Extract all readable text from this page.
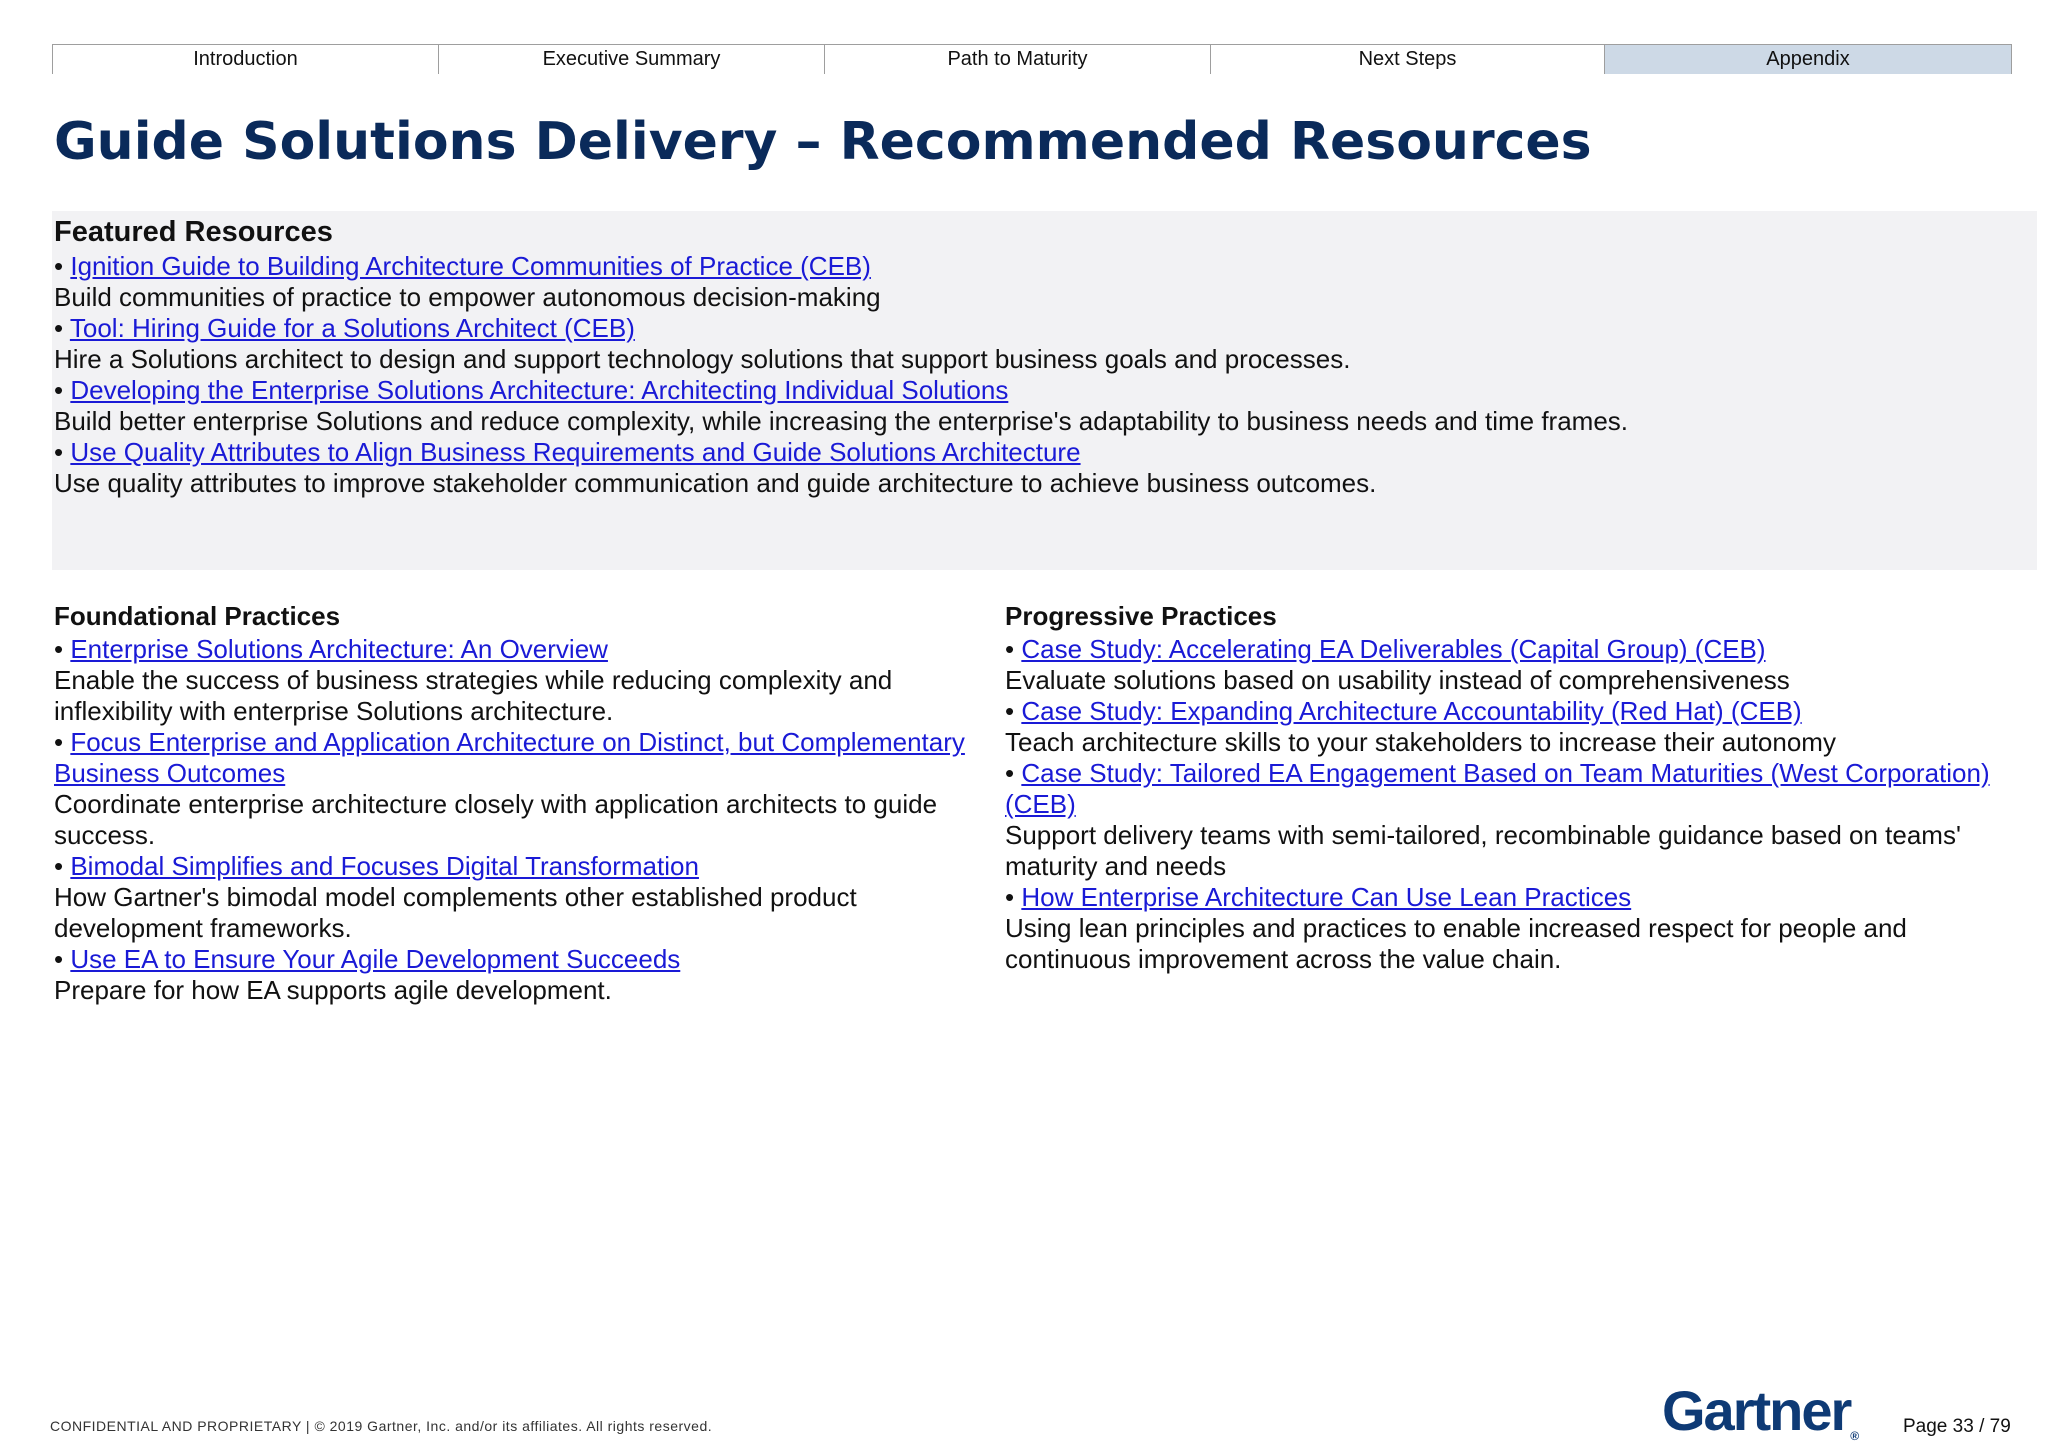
Introduction	Executive Summary	Path to Maturity	Next Steps	Appendix
Guide Solutions Delivery – Recommended Resources

Featured Resources

• Ignition Guide to Building Architecture Communities of Practice (CEB)

Build communities of practice to empower autonomous decision-making

• Tool: Hiring Guide for a Solutions Architect (CEB)

Hire a Solutions architect to design and support technology solutions that support business goals and processes.

• Developing the Enterprise Solutions Architecture: Architecting Individual Solutions

Build better enterprise Solutions and reduce complexity, while increasing the enterprise's adaptability to business needs and time frames.

• Use Quality Attributes to Align Business Requirements and Guide Solutions Architecture

Use quality attributes to improve stakeholder communication and guide architecture to achieve business outcomes.

Foundational Practices

• Enterprise Solutions Architecture: An Overview

Enable the success of business strategies while reducing complexity and inflexibility with enterprise Solutions architecture.

• Focus Enterprise and Application Architecture on Distinct, but Complementary Business Outcomes

Coordinate enterprise architecture closely with application architects to guide success.

• Bimodal Simplifies and Focuses Digital Transformation

How Gartner's bimodal model complements other established product development frameworks.

• Use EA to Ensure Your Agile Development Succeeds

Prepare for how EA supports agile development.

Progressive Practices

• Case Study: Accelerating EA Deliverables (Capital Group) (CEB)

Evaluate solutions based on usability instead of comprehensiveness

• Case Study: Expanding Architecture Accountability (Red Hat) (CEB)

Teach architecture skills to your stakeholders to increase their autonomy

• Case Study: Tailored EA Engagement Based on Team Maturities (West Corporation) (CEB)

Support delivery teams with semi-tailored, recombinable guidance based on teams' maturity and needs

• How Enterprise Architecture Can Use Lean Practices

Using lean principles and practices to enable increased respect for people and continuous improvement across the value chain.

CONFIDENTIAL AND PROPRIETARY | © 2019 Gartner, Inc. and/or its affiliates. All rights reserved.	Gartner® Page 33 / 79
